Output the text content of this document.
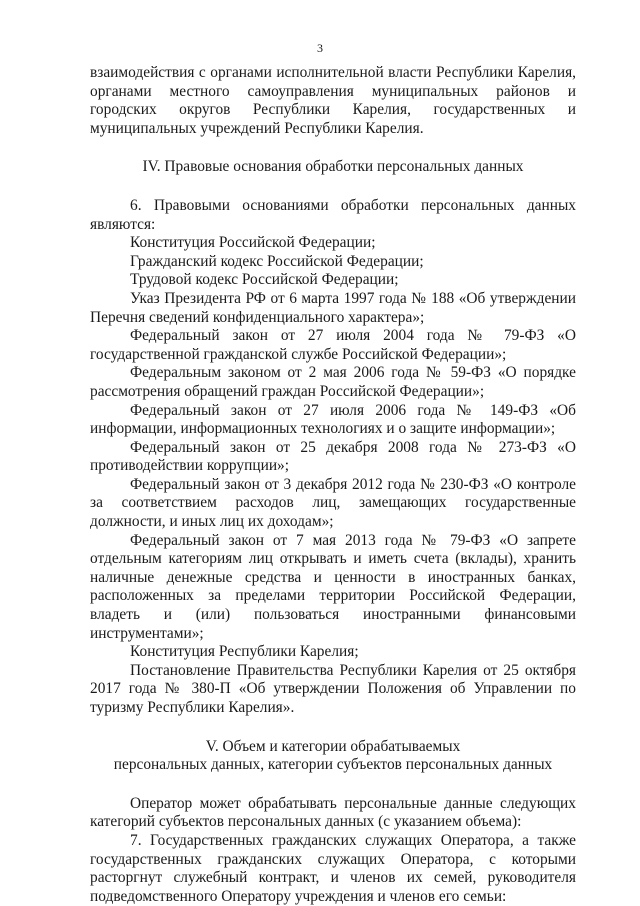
3

взаимодействия с органами исполнительной власти Республики Карелия, органами местного самоуправления муниципальных районов и городских округов Республики Карелия, государственных и муниципальных учреждений Республики Карелия.

IV. Правовые основания обработки персональных данных

6. Правовыми основаниями обработки персональных данных являются:

Конституция Российской Федерации;

Гражданский кодекс Российской Федерации;

Трудовой кодекс Российской Федерации;

Указ Президента РФ от 6 марта 1997 года № 188 «Об утверждении Перечня сведений конфиденциального характера»;

Федеральный закон от 27 июля 2004 года № 79-ФЗ «О государственной гражданской службе Российской Федерации»;

Федеральным законом от 2 мая 2006 года № 59-ФЗ «О порядке рассмотрения обращений граждан Российской Федерации»;

Федеральный закон от 27 июля 2006 года № 149-ФЗ «Об информации, информационных технологиях и о защите информации»;

Федеральный закон от 25 декабря 2008 года № 273-ФЗ «О противодействии коррупции»;

Федеральный закон от 3 декабря 2012 года № 230-ФЗ «О контроле за соответствием расходов лиц, замещающих государственные должности, и иных лиц их доходам»;

Федеральный закон от 7 мая 2013 года № 79-ФЗ «О запрете отдельным категориям лиц открывать и иметь счета (вклады), хранить наличные денежные средства и ценности в иностранных банках, расположенных за пределами территории Российской Федерации, владеть и (или) пользоваться иностранными финансовыми инструментами»;

Конституция Республики Карелия;

Постановление Правительства Республики Карелия от 25 октября 2017 года № 380-П «Об утверждении Положения об Управлении по туризму Республики Карелия».

V. Объем и категории обрабатываемых

персональных данных, категории субъектов персональных данных

Оператор может обрабатывать персональные данные следующих категорий субъектов персональных данных (с указанием объема):

7. Государственных гражданских служащих Оператора, а также государственных гражданских служащих Оператора, с которыми расторгнут служебный контракт, и членов их семей, руководителя подведомственного Оператору учреждения и членов его семьи:
